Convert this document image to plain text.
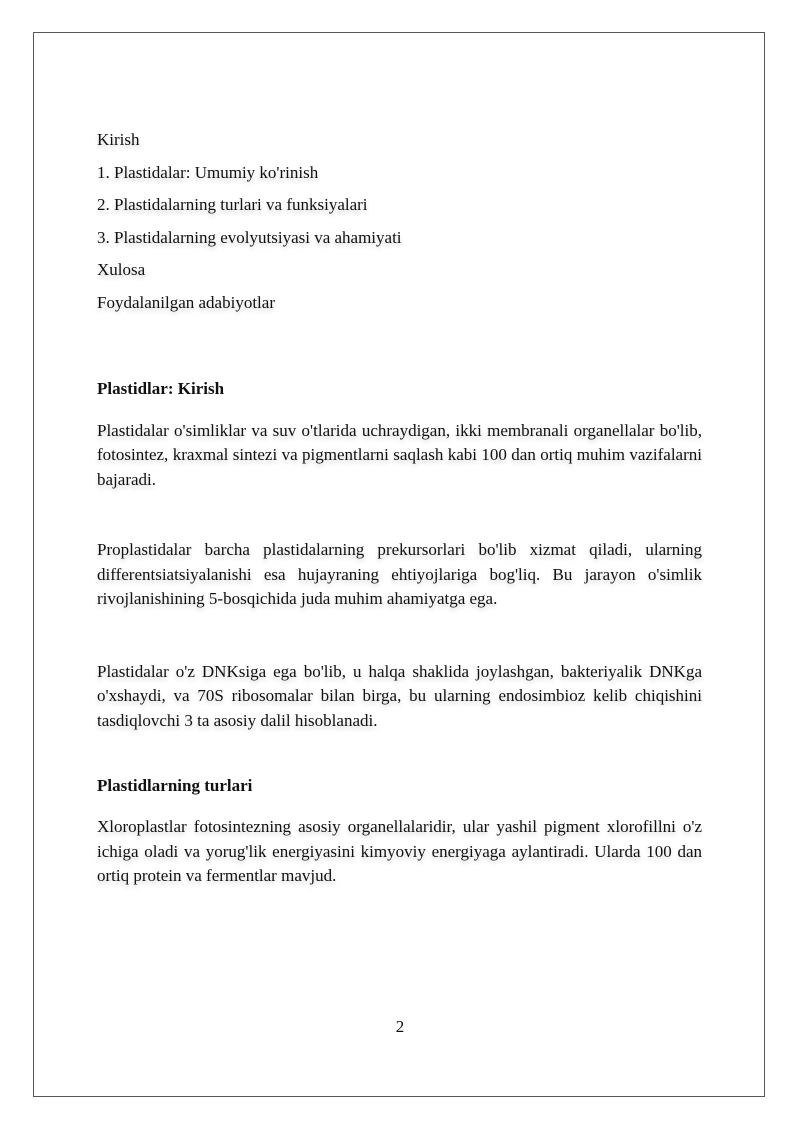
Kirish

1. Plastidalar: Umumiy ko'rinish

2. Plastidalarning turlari va funksiyalari

3. Plastidalarning evolyutsiyasi va ahamiyati

Xulosa

Foydalanilgan adabiyotlar

Plastidlar: Kirish

Plastidalar o'simliklar va suv o'tlarida uchraydigan, ikki membranali organellalar bo'lib, fotosintez, kraxmal sintezi va pigmentlarni saqlash kabi 100 dan ortiq muhim vazifalarni bajaradi.

Proplastidalar barcha plastidalarning prekursorlari bo'lib xizmat qiladi, ularning differentsiatsiyalanishi esa hujayraning ehtiyojlariga bog'liq. Bu jarayon o'simlik rivojlanishining 5-bosqichida juda muhim ahamiyatga ega.

Plastidalar o'z DNKsiga ega bo'lib, u halqa shaklida joylashgan, bakteriyalik DNKga o'xshaydi, va 70S ribosomalar bilan birga, bu ularning endosimbioz kelib chiqishini tasdiqlovchi 3 ta asosiy dalil hisoblanadi.

Plastidlarning turlari

Xloroplastlar fotosintezning asosiy organellalaridir, ular yashil pigment xlorofillni o'z ichiga oladi va yorug'lik energiyasini kimyoviy energiyaga aylantiradi. Ularda 100 dan ortiq protein va fermentlar mavjud.

2
